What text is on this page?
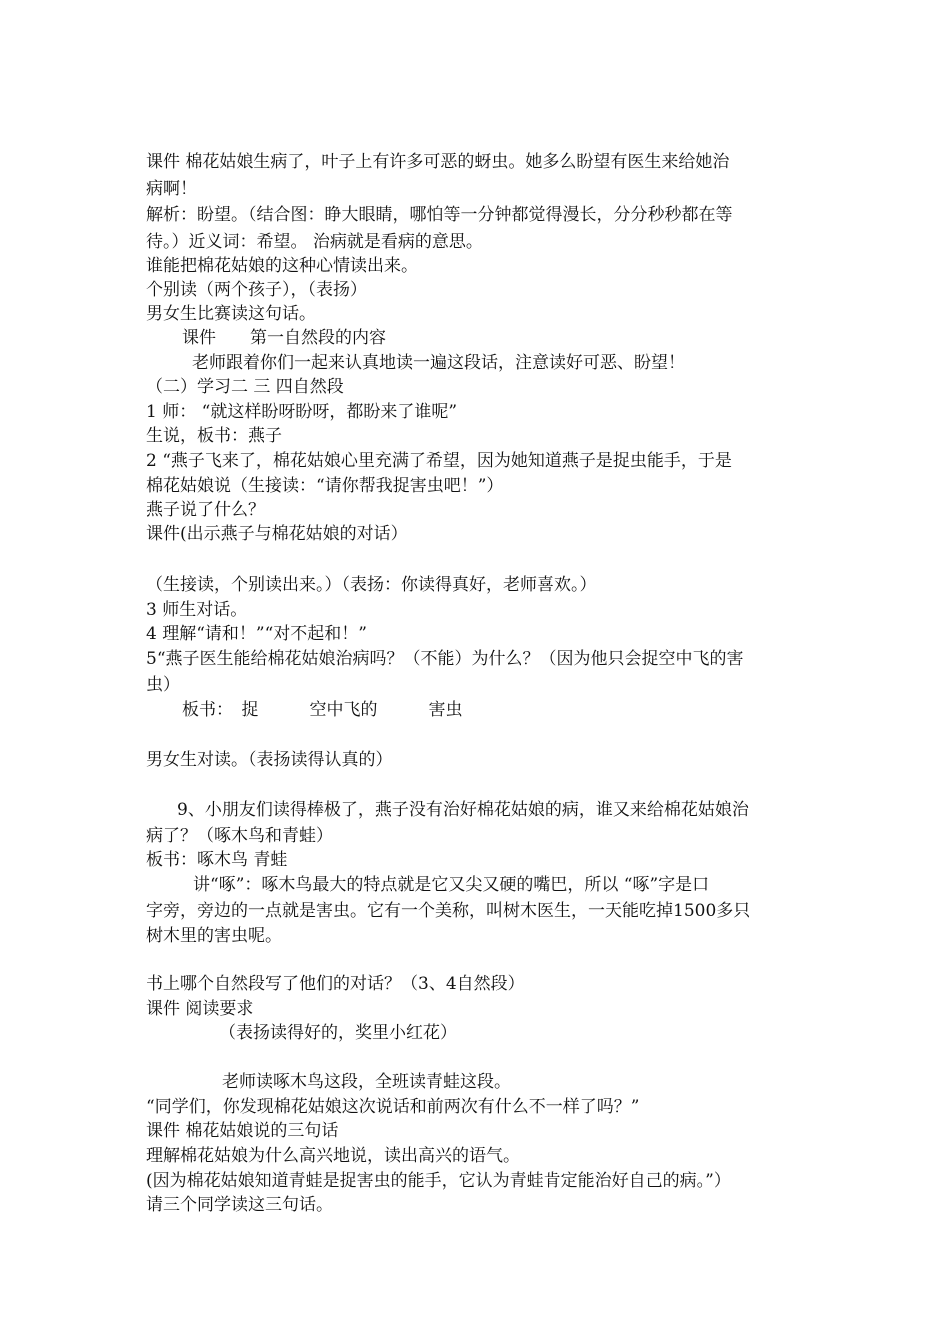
课件 棉花姑娘生病了，叶子上有许多可恶的蚜虫。她多么盼望有医生来给她治
病啊！
解析：盼望。（结合图：睁大眼睛，哪怕等一分钟都觉得漫长，分分秒秒都在等
待。）近义词：希望。 治病就是看病的意思。
谁能把棉花姑娘的这种心情读出来。
个别读（两个孩子），（表扬）
男女生比赛读这句话。
课件　　第一自然段的内容
老师跟着你们一起来认真地读一遍这段话，注意读好可恶、盼望！
（二）学习二 三 四自然段
1 师： “就这样盼呀盼呀，都盼来了谁呢”
生说，板书：燕子
2 “燕子飞来了，棉花姑娘心里充满了希望，因为她知道燕子是捉虫能手，于是
棉花姑娘说（生接读：“请你帮我捉害虫吧！”）
燕子说了什么？
课件(出示燕子与棉花姑娘的对话）
（生接读，个别读出来。）（表扬：你读得真好，老师喜欢。）
3 师生对话。
4 理解“请和！”“对不起和！”
5“燕子医生能给棉花姑娘治病吗？（不能）为什么？（因为他只会捉空中飞的害
虫）
板书：　捉　　　空中飞的　　　害虫
男女生对读。（表扬读得认真的）
9、小朋友们读得棒极了，燕子没有治好棉花姑娘的病，谁又来给棉花姑娘治
病了？（啄木鸟和青蛙）
板书：啄木鸟 青蛙
讲“啄”：啄木鸟最大的特点就是它又尖又硬的嘴巴，所以 “啄”字是口
字旁，旁边的一点就是害虫。它有一个美称，叫树木医生，一天能吃掉1500多只
树木里的害虫呢。
书上哪个自然段写了他们的对话？（3、4自然段）
课件 阅读要求
（表扬读得好的，奖里小红花）
老师读啄木鸟这段，全班读青蛙这段。
“同学们，你发现棉花姑娘这次说话和前两次有什么不一样了吗？”
课件 棉花姑娘说的三句话
理解棉花姑娘为什么高兴地说，读出高兴的语气。
(因为棉花姑娘知道青蛙是捉害虫的能手，它认为青蛙肯定能治好自己的病。”）
请三个同学读这三句话。
